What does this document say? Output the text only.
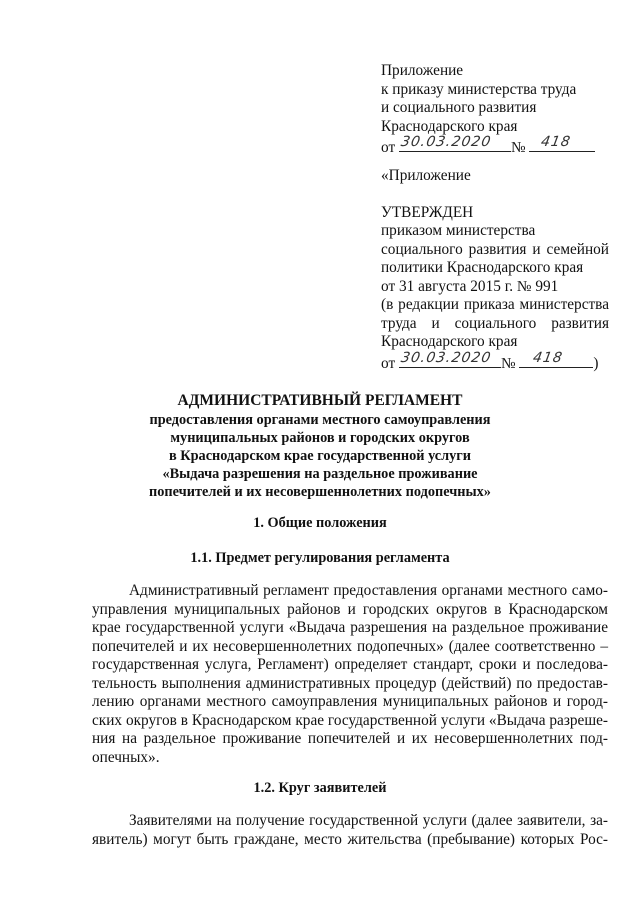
Приложение
к приказу министерства труда
и социального развития
Краснодарского края
от 30.03.2020 № 418
«Приложение
УТВЕРЖДЕН
приказом министерства
социального развития и семейной
политики Краснодарского края
от 31 августа 2015 г. № 991
(в редакции приказа министерства
труда и социального развития
Краснодарского края
от 30.03.2020 № 418 )
АДМИНИСТРАТИВНЫЙ РЕГЛАМЕНТ
предоставления органами местного самоуправления
муниципальных районов и городских округов
в Краснодарском крае государственной услуги
«Выдача разрешения на раздельное проживание
попечителей и их несовершеннолетних подопечных»
1. Общие положения
1.1. Предмет регулирования регламента
Административный регламент предоставления органами местного само-
управления муниципальных районов и городских округов в Краснодарском
крае государственной услуги «Выдача разрешения на раздельное проживание
попечителей и их несовершеннолетних подопечных» (далее соответственно –
государственная услуга, Регламент) определяет стандарт, сроки и последова-
тельность выполнения административных процедур (действий) по предостав-
лению органами местного самоуправления муниципальных районов и город-
ских округов в Краснодарском крае государственной услуги «Выдача разреше-
ния на раздельное проживание попечителей и их несовершеннолетних под-
опечных».
1.2. Круг заявителей
Заявителями на получение государственной услуги (далее заявители, за-
явитель) могут быть граждане, место жительства (пребывание) которых Рос-
